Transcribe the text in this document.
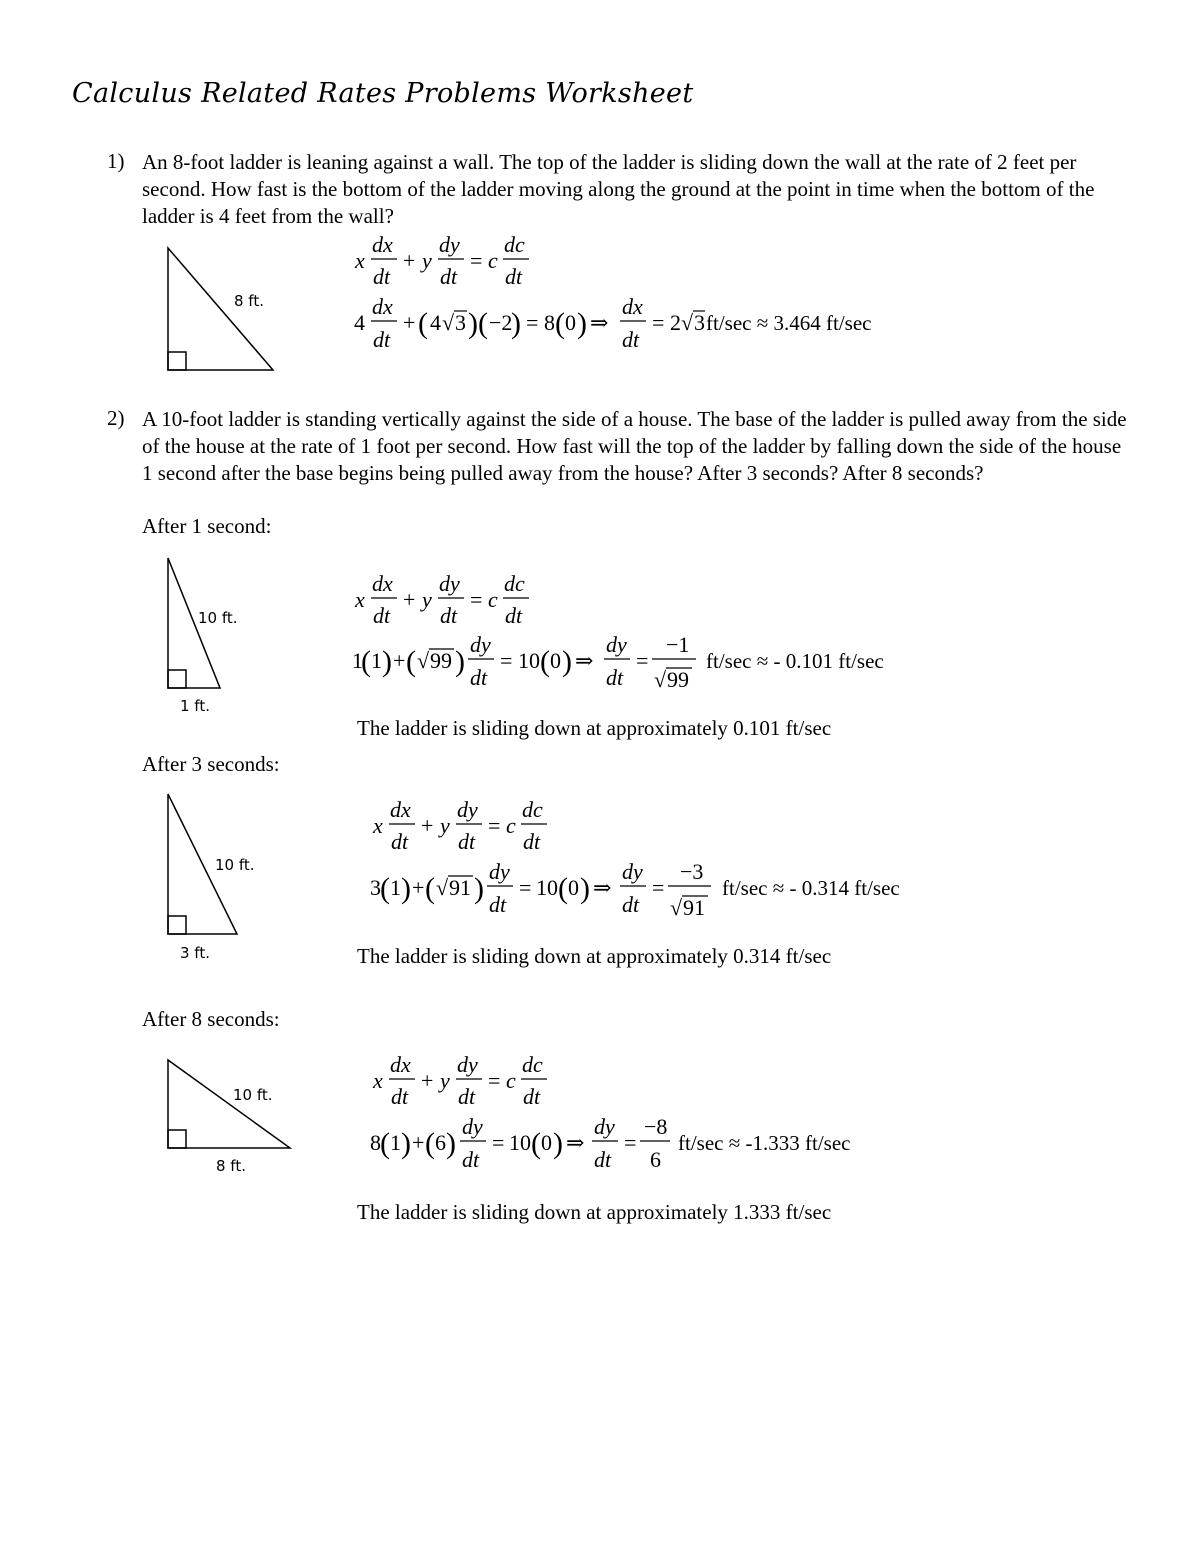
Calculus Related Rates Problems Worksheet
1) An 8-foot ladder is leaning against a wall. The top of the ladder is sliding down the wall at the rate of 2 feet per second. How fast is the bottom of the ladder moving along the ground at the point in time when the bottom of the ladder is 4 feet from the wall?
8 ft.
x
dx
dt
+ y
dy
dt
= c
dc
dt
4
dx
dt
+ ( 4 √ 3 ) ( −2
) = 8 ( 0 ) ⇒
dx
dt
= 2 √ 3 ft/sec ≈ 3.464 ft/sec
2) A 10-foot ladder is standing vertically against the side of a house. The base of the ladder is pulled away from the side of the house at the rate of 1 foot per second. How fast will the top of the ladder by falling down the side of the house 1 second after the base begins being pulled away from the house? After 3 seconds? After 8 seconds?
After 1 second:
10 ft.
1 ft.
x
dx
dt
+ y
dy
dt
= c
dc
dt
1
( 1 ) + ( √ 99 )
dy
dt
= 10 ( 0 ) ⇒
dy
dt
=
−1
√ 99
ft/sec ≈ - 0.101 ft/sec
The ladder is sliding down at approximately 0.101 ft/sec
After 3 seconds:
10 ft.
3 ft.
x
dx
dt
+ y
dy
dt
= c
dc
dt
3 ( 1 ) + ( √ 91 )
dy
dt
= 10 ( 0 ) ⇒
dy
dt
=
−3
√ 91
ft/sec ≈ - 0.314 ft/sec
The ladder is sliding down at approximately 0.314 ft/sec
After 8 seconds:
10 ft.
8 ft.
x
dx
dt
+ y
dy
dt
= c
dc
dt
8 ( 1 ) + ( 6 )
dy
dt
= 10 ( 0 ) ⇒
dy
dt
=
−8
6
ft/sec ≈ -1.333 ft/sec
The ladder is sliding down at approximately 1.333 ft/sec
